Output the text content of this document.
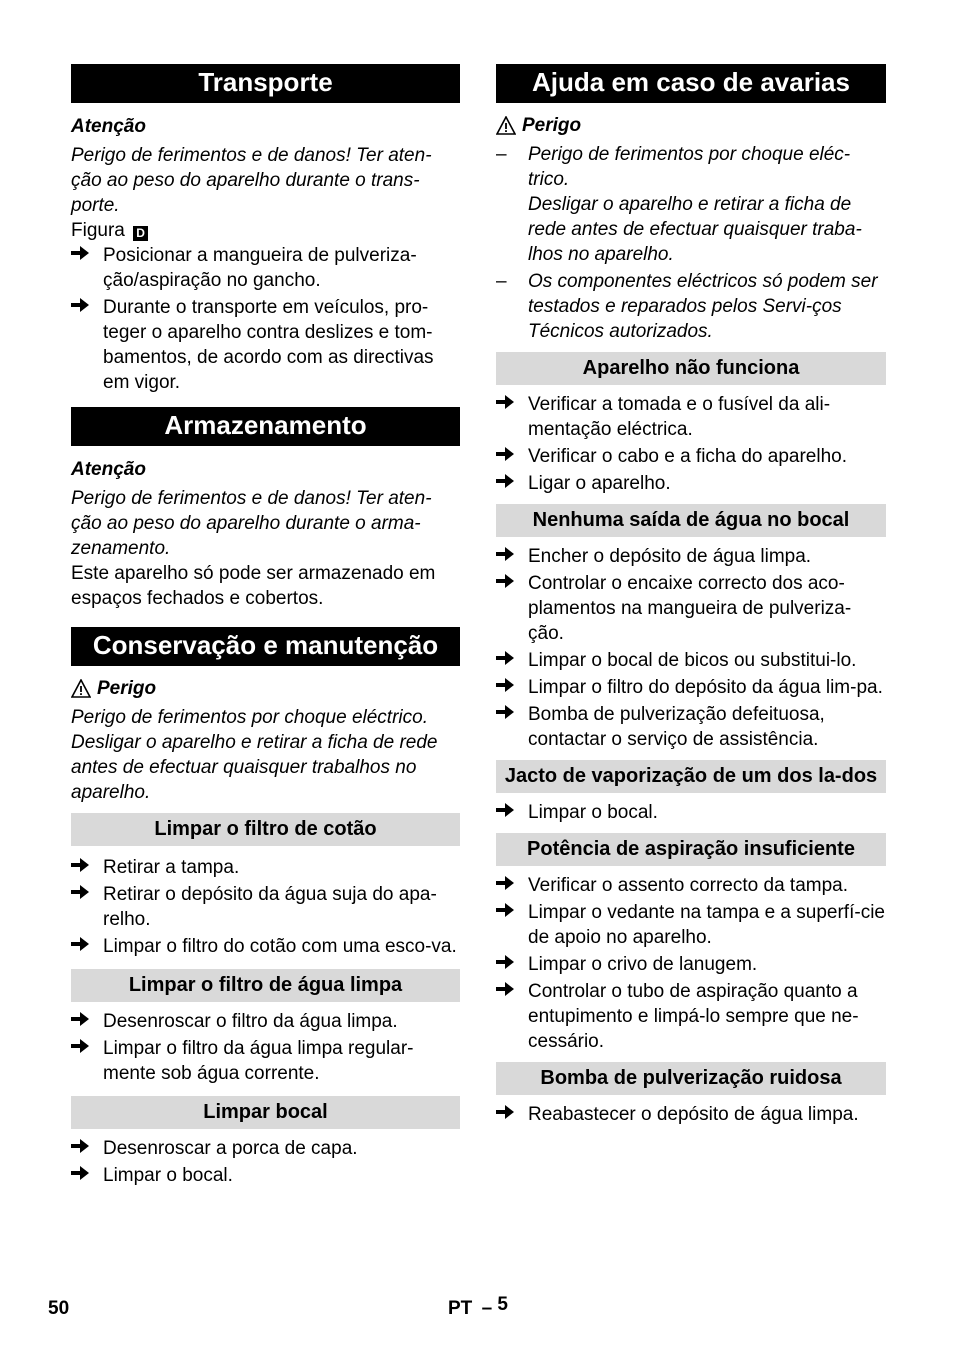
Transporte
Atenção
Perigo de ferimentos e de danos! Ter aten-ção ao peso do aparelho durante o trans-porte.
Figura D
Posicionar a mangueira de pulveriza-ção/aspiração no gancho.
Durante o transporte em veículos, pro-teger o aparelho contra deslizes e tom-bamentos, de acordo com as directivas em vigor.
Armazenamento
Atenção
Perigo de ferimentos e de danos! Ter aten-ção ao peso do aparelho durante o arma-zenamento.
Este aparelho só pode ser armazenado em espaços fechados e cobertos.
Conservação e manutenção
Perigo
Perigo de ferimentos por choque eléctrico. Desligar o aparelho e retirar a ficha de rede antes de efectuar quaisquer trabalhos no aparelho.
Limpar o filtro de cotão
Retirar a tampa.
Retirar o depósito da água suja do apa-relho.
Limpar o filtro do cotão com uma esco-va.
Limpar o filtro de água limpa
Desenroscar o filtro da água limpa.
Limpar o filtro da água limpa regular-mente sob água corrente.
Limpar bocal
Desenroscar a porca de capa.
Limpar o bocal.
Ajuda em caso de avarias
Perigo
–	Perigo de ferimentos por choque eléc-trico.
Desligar o aparelho e retirar a ficha de rede antes de efectuar quaisquer traba-lhos no aparelho.
–	Os componentes eléctricos só podem ser testados e reparados pelos Servi-ços Técnicos autorizados.
Aparelho não funciona
Verificar a tomada e o fusível da ali-mentação eléctrica.
Verificar o cabo e a ficha do aparelho.
Ligar o aparelho.
Nenhuma saída de água no bocal
Encher o depósito de água limpa.
Controlar o encaixe correcto dos aco-plamentos na mangueira de pulveriza-ção.
Limpar o bocal de bicos ou substitui-lo.
Limpar o filtro do depósito da água lim-pa.
Bomba de pulverização defeituosa, contactar o serviço de assistência.
Jacto de vaporização de um dos la-dos
Limpar o bocal.
Potência de aspiração insuficiente
Verificar o assento correcto da tampa.
Limpar o vedante na tampa e a superfí-cie de apoio no aparelho.
Limpar o crivo de lanugem.
Controlar o tubo de aspiração quanto a entupimento e limpá-lo sempre que ne-cessário.
Bomba de pulverização ruidosa
Reabastecer o depósito de água limpa.
50	PT – 5
